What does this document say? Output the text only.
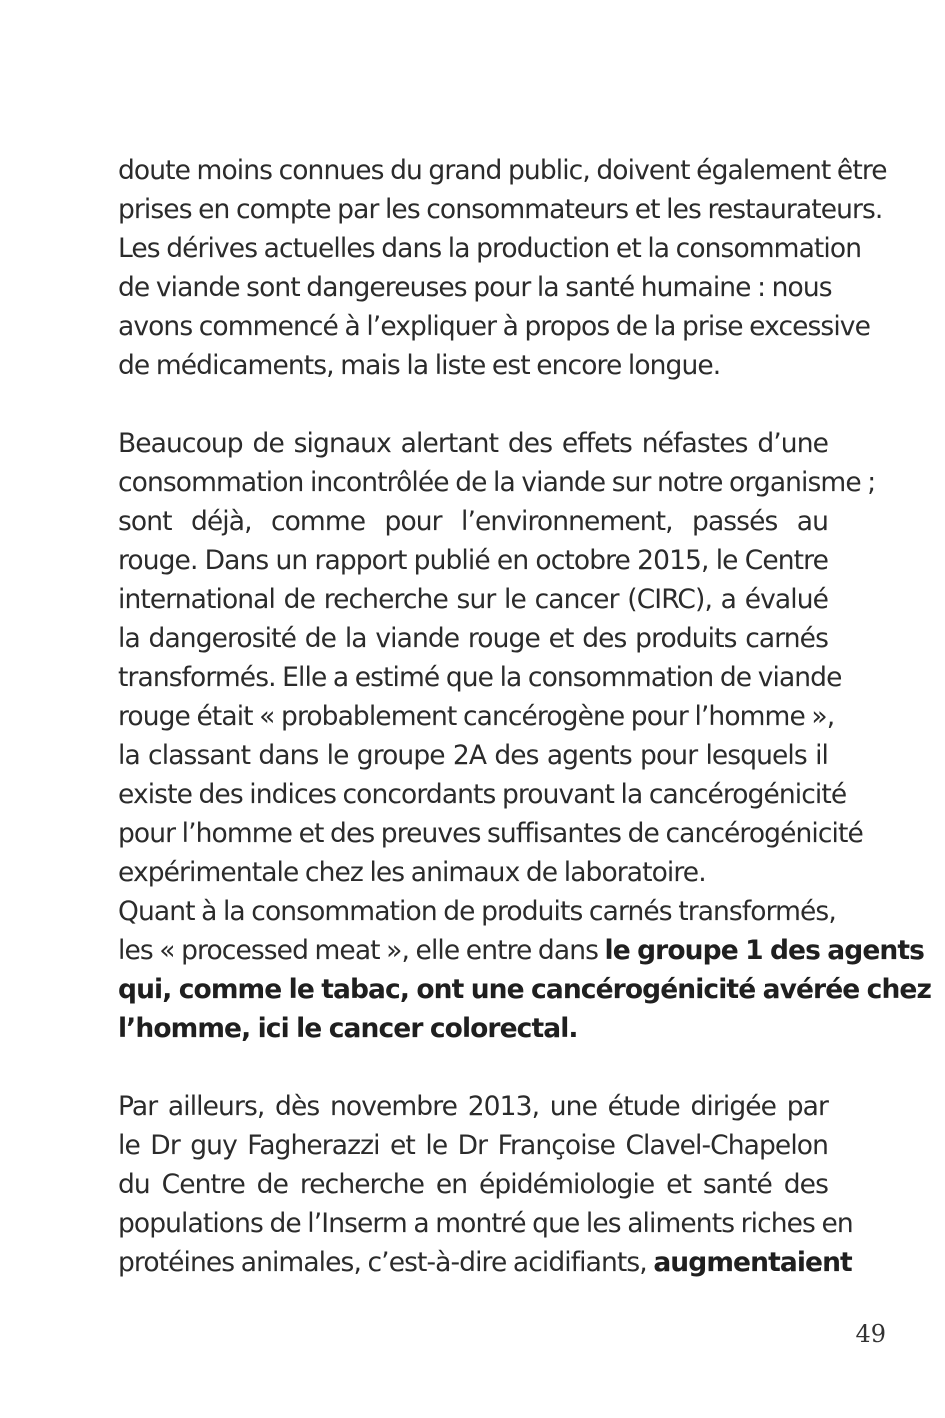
doute moins connues du grand public, doivent également être
prises en compte par les consommateurs et les restaurateurs.
Les dérives actuelles dans la production et la consommation
de viande sont dangereuses pour la santé humaine : nous
avons commencé à l’expliquer à propos de la prise excessive
de médicaments, mais la liste est encore longue.
Beaucoup de signaux alertant des effets néfastes d’une
consommation incontrôlée de la viande sur notre organisme ;
sont déjà, comme pour l’environnement, passés au
rouge. Dans un rapport publié en octobre 2015, le Centre
international de recherche sur le cancer (CIRC), a évalué
la dangerosité de la viande rouge et des produits carnés
transformés. Elle a estimé que la consommation de viande
rouge était « probablement cancérogène pour l’homme »,
la classant dans le groupe 2A des agents pour lesquels il
existe des indices concordants prouvant la cancérogénicité
pour l’homme et des preuves suffisantes de cancérogénicité
expérimentale chez les animaux de laboratoire.
Quant à la consommation de produits carnés transformés,
les « processed meat », elle entre dans le groupe 1 des agents
qui, comme le tabac, ont une cancérogénicité avérée chez
l’homme, ici le cancer colorectal.
Par ailleurs, dès novembre 2013, une étude dirigée par
le Dr guy Fagherazzi et le Dr Françoise Clavel-Chapelon
du Centre de recherche en épidémiologie et santé des
populations de l’Inserm a montré que les aliments riches en
protéines animales, c’est-à-dire acidifiants, augmentaient
49
